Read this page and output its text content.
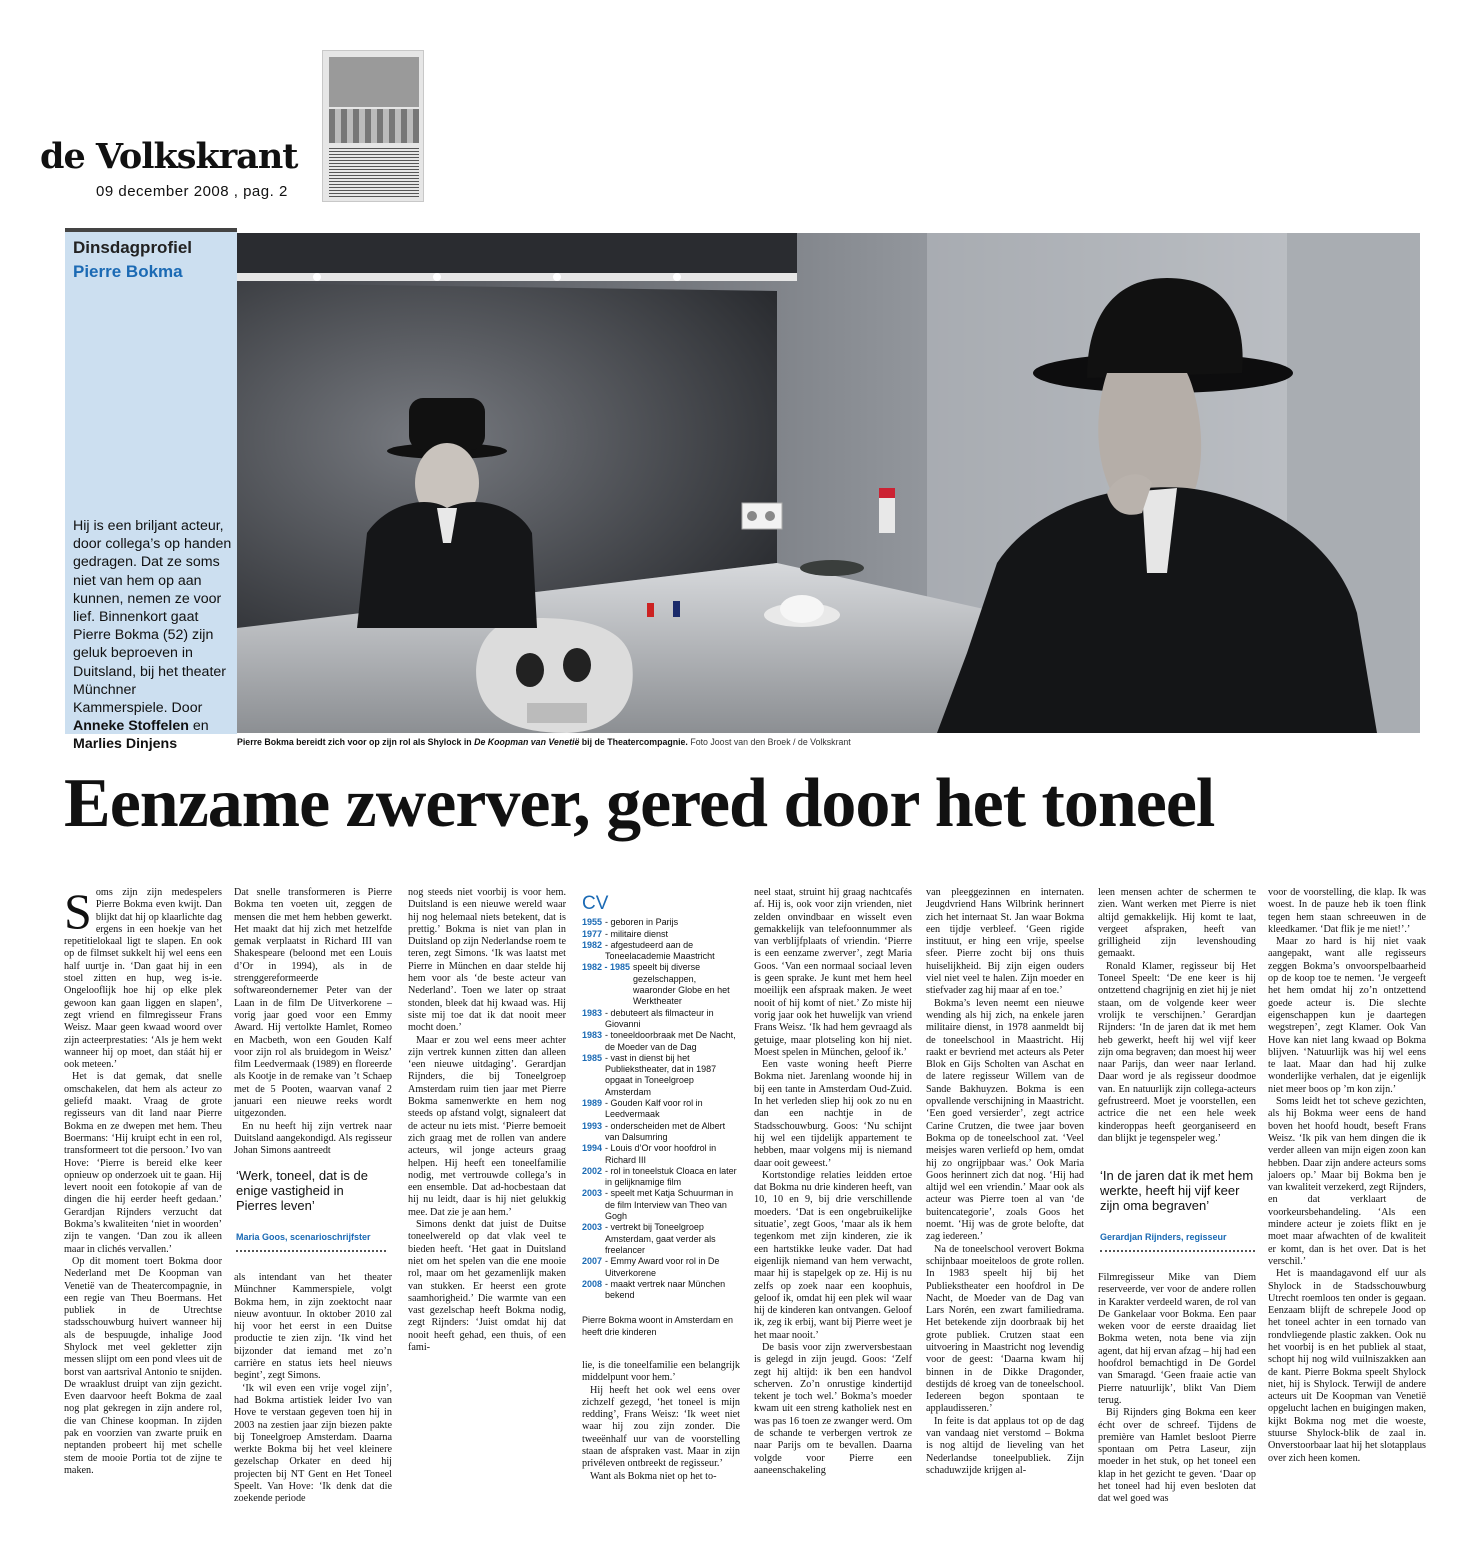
de Volkskrant
09 december 2008 , pag. 2
Dinsdagprofiel
Pierre Bokma
Hij is een briljant acteur, door collega’s op handen gedragen. Dat ze soms niet van hem op aan kunnen, nemen ze voor lief. Binnenkort gaat Pierre Bokma (52) zijn geluk beproeven in Duitsland, bij het theater Münchner Kammerspiele. Door Anneke Stoffelen en Marlies Dinjens	Pierre Bokma bereidt zich voor op zijn rol als Shylock in De Koopman van Venetië bij de Theatercompagnie. Foto Joost van den Broek / de Volkskrant
Eenzame zwerver, gered door het toneel

Soms zijn zijn medespelers Pierre Bokma even kwijt. Dan blijkt dat hij op klaarlichte dag ergens in een hoekje van het repetitielokaal ligt te slapen. En ook op de filmset sukkelt hij wel eens een half uurtje in. ‘Dan gaat hij in een stoel zitten en hup, weg is-ie. Ongelooflijk hoe hij op elke plek gewoon kan gaan liggen en slapen’, zegt vriend en filmregisseur Frans Weisz. Maar geen kwaad woord over zijn acteerprestaties: ‘Als je hem wekt wanneer hij op moet, dan stáát hij er ook meteen.’

Het is dat gemak, dat snelle omschakelen, dat hem als acteur zo geliefd maakt. Vraag de grote regisseurs van dit land naar Pierre Bokma en ze dwepen met hem. Theu Boermans: ‘Hij kruipt echt in een rol, transformeert tot die persoon.’ Ivo van Hove: ‘Pierre is bereid elke keer opnieuw op onderzoek uit te gaan. Hij levert nooit een fotokopie af van de dingen die hij eerder heeft gedaan.’ Gerardjan Rijnders verzucht dat Bokma’s kwaliteiten ‘niet in woorden’ zijn te vangen. ‘Dan zou ik alleen maar in clichés vervallen.’

Op dit moment toert Bokma door Nederland met De Koopman van Venetië van de Theatercompagnie, in een regie van Theu Boermans. Het publiek in de Utrechtse stadsschouwburg huivert wanneer hij als de bespuugde, inhalige Jood Shylock met veel gekletter zijn messen slijpt om een pond vlees uit de borst van aartsrival Antonio te snijden. De wraaklust druipt van zijn gezicht. Even daarvoor heeft Bokma de zaal nog plat gekregen in zijn andere rol, die van Chinese koopman. In zijden pak en voorzien van zwarte pruik en neptanden probeert hij met schelle stem de mooie Portia tot de zijne te maken.

Dat snelle transformeren is Pierre Bokma ten voeten uit, zeggen de mensen die met hem hebben gewerkt. Het maakt dat hij zich met hetzelfde gemak verplaatst in Richard III van Shakespeare (beloond met een Louis d’Or in 1994), als in de strenggereformeerde softwareondernemer Peter van der Laan in de film De Uitverkorene – vorig jaar goed voor een Emmy Award. Hij vertolkte Hamlet, Romeo en Macbeth, won een Gouden Kalf voor zijn rol als bruidegom in Weisz’ film Leedvermaak (1989) en floreerde als Kootje in de remake van ’t Schaep met de 5 Pooten, waarvan vanaf 2 januari een nieuwe reeks wordt uitgezonden.

En nu heeft hij zijn vertrek naar Duitsland aangekondigd. Als regisseur Johan Simons aantreedt

‘Werk, toneel, dat is de enige vastigheid in Pierres leven’
Maria Goos, scenarioschrijfster

als intendant van het theater Münchner Kammerspiele, volgt Bokma hem, in zijn zoektocht naar nieuw avontuur. In oktober 2010 zal hij voor het eerst in een Duitse productie te zien zijn. ‘Ik vind het bijzonder dat iemand met zo’n carrière en status iets heel nieuws begint’, zegt Simons.

‘Ik wil even een vrije vogel zijn’, had Bokma artistiek leider Ivo van Hove te verstaan gegeven toen hij in 2003 na zestien jaar zijn biezen pakte bij Toneelgroep Amsterdam. Daarna werkte Bokma bij het veel kleinere gezelschap Orkater en deed hij projecten bij NT Gent en Het Toneel Speelt. Van Hove: ‘Ik denk dat die zoekende periode

nog steeds niet voorbij is voor hem. Duitsland is een nieuwe wereld waar hij nog helemaal niets betekent, dat is prettig.’ Bokma is niet van plan in Duitsland op zijn Nederlandse roem te teren, zegt Simons. ‘Ik was laatst met Pierre in München en daar stelde hij hem voor als ‘de beste acteur van Nederland’. Toen we later op straat stonden, bleek dat hij kwaad was. Hij siste mij toe dat ik dat nooit meer mocht doen.’

Maar er zou wel eens meer achter zijn vertrek kunnen zitten dan alleen ‘een nieuwe uitdaging’. Gerardjan Rijnders, die bij Toneelgroep Amsterdam ruim tien jaar met Pierre Bokma samenwerkte en hem nog steeds op afstand volgt, signaleert dat de acteur nu iets mist. ‘Pierre bemoeit zich graag met de rollen van andere acteurs, wil jonge acteurs graag helpen. Hij heeft een toneelfamilie nodig, met vertrouwde collega’s in een ensemble. Dat ad-hocbestaan dat hij nu leidt, daar is hij niet gelukkig mee. Dat zie je aan hem.’

Simons denkt dat juist de Duitse toneelwereld op dat vlak veel te bieden heeft. ‘Het gaat in Duitsland niet om het spelen van die ene mooie rol, maar om het gezamenlijk maken van stukken. Er heerst een grote saamhorigheid.’ Die warmte van een vast gezelschap heeft Bokma nodig, zegt Rijnders: ‘Juist omdat hij dat nooit heeft gehad, een thuis, of een fami-

CV
1955 - geboren in Parijs
1977 - militaire dienst
1982 - afgestudeerd aan de Toneelacademie Maastricht
1982 - 1985 speelt bij diverse gezelschappen, waaronder Globe en het Werktheater
1983 - debuteert als filmacteur in Giovanni
1983 - toneeldoorbraak met De Nacht, de Moeder van de Dag
1985 - vast in dienst bij het Publiekstheater, dat in 1987 opgaat in Toneelgroep Amsterdam
1989 - Gouden Kalf voor rol in Leedvermaak
1993 - onderscheiden met de Albert van Dalsumring
1994 - Louis d’Or voor hoofdrol in Richard III
2002 - rol in toneelstuk Cloaca en later in gelijknamige film
2003 - speelt met Katja Schuurman in de film Interview van Theo van Gogh
2003 - vertrekt bij Toneelgroep Amsterdam, gaat verder als freelancer
2007 - Emmy Award voor rol in De Uitverkorene
2008 - maakt vertrek naar München bekend
Pierre Bokma woont in Amsterdam en heeft drie kinderen

lie, is die toneelfamilie een belangrijk middelpunt voor hem.’

Hij heeft het ook wel eens over zichzelf gezegd, ‘het toneel is mijn redding’, Frans Weisz: ‘Ik weet niet waar hij zou zijn zonder. Die tweeënhalf uur van de voorstelling staan de afspraken vast. Maar in zijn privéleven ontbreekt de regisseur.’

Want als Bokma niet op het to-

neel staat, struint hij graag nachtcafés af. Hij is, ook voor zijn vrienden, niet zelden onvindbaar en wisselt even gemakkelijk van telefoonnummer als van verblijfplaats of vriendin. ‘Pierre is een eenzame zwerver’, zegt Maria Goos. ‘Van een normaal sociaal leven is geen sprake. Je kunt met hem heel moeilijk een afspraak maken. Je weet nooit of hij komt of niet.’ Zo miste hij vorig jaar ook het huwelijk van vriend Frans Weisz. ‘Ik had hem gevraagd als getuige, maar plotseling kon hij niet. Moest spelen in München, geloof ik.’

Een vaste woning heeft Pierre Bokma niet. Jarenlang woonde hij in bij een tante in Amsterdam Oud-Zuid. In het verleden sliep hij ook zo nu en dan een nachtje in de Stadsschouwburg. Goos: ‘Nu schijnt hij wel een tijdelijk appartement te hebben, maar volgens mij is niemand daar ooit geweest.’

Kortstondige relaties leidden ertoe dat Bokma nu drie kinderen heeft, van 10, 10 en 9, bij drie verschillende moeders. ‘Dat is een ongebruikelijke situatie’, zegt Goos, ‘maar als ik hem tegenkom met zijn kinderen, zie ik een hartstikke leuke vader. Dat had eigenlijk niemand van hem verwacht, maar hij is stapelgek op ze. Hij is nu zelfs op zoek naar een koophuis, geloof ik, omdat hij een plek wil waar hij de kinderen kan ontvangen. Geloof ik, zeg ik erbij, want bij Pierre weet je het maar nooit.’

De basis voor zijn zwerversbestaan is gelegd in zijn jeugd. Goos: ‘Zelf zegt hij altijd: ik ben een handvol scherven. Zo’n onrustige kindertijd tekent je toch wel.’ Bokma’s moeder kwam uit een streng katholiek nest en was pas 16 toen ze zwanger werd. Om de schande te verbergen vertrok ze naar Parijs om te bevallen. Daarna volgde voor Pierre een aaneenschakeling

van pleeggezinnen en internaten. Jeugdvriend Hans Wilbrink herinnert zich het internaat St. Jan waar Bokma een tijdje verbleef. ‘Geen rigide instituut, er hing een vrije, speelse sfeer. Pierre zocht bij ons thuis huiselijkheid. Bij zijn eigen ouders viel niet veel te halen. Zijn moeder en stiefvader zag hij maar af en toe.’

Bokma’s leven neemt een nieuwe wending als hij zich, na enkele jaren militaire dienst, in 1978 aanmeldt bij de toneelschool in Maastricht. Hij raakt er bevriend met acteurs als Peter Blok en Gijs Scholten van Aschat en de latere regisseur Willem van de Sande Bakhuyzen. Bokma is een opvallende verschijning in Maastricht. ‘Een goed versierder’, zegt actrice Carine Crutzen, die twee jaar boven Bokma op de toneelschool zat. ‘Veel meisjes waren verliefd op hem, omdat hij zo ongrijpbaar was.’ Ook Maria Goos herinnert zich dat nog. ‘Hij had altijd wel een vriendin.’ Maar ook als acteur was Pierre toen al van ‘de buitencategorie’, zoals Goos het noemt. ‘Hij was de grote belofte, dat zag iedereen.’

Na de toneelschool verovert Bokma schijnbaar moeiteloos de grote rollen. In 1983 speelt hij bij het Publiekstheater een hoofdrol in De Nacht, de Moeder van de Dag van Lars Norén, een zwart familiedrama. Het betekende zijn doorbraak bij het grote publiek. Crutzen staat een uitvoering in Maastricht nog levendig voor de geest: ‘Daarna kwam hij binnen in de Dikke Dragonder, destijds dé kroeg van de toneelschool. Iedereen begon spontaan te applaudisseren.’

In feite is dat applaus tot op de dag van vandaag niet verstomd – Bokma is nog altijd de lieveling van het Nederlandse toneelpubliek. Zijn schaduwzijde krijgen al-

leen mensen achter de schermen te zien. Want werken met Pierre is niet altijd gemakkelijk. Hij komt te laat, vergeet afspraken, heeft van grilligheid zijn levenshouding gemaakt.

Ronald Klamer, regisseur bij Het Toneel Speelt: ‘De ene keer is hij ontzettend chagrijnig en ziet hij je niet staan, om de volgende keer weer vrolijk te verschijnen.’ Gerardjan Rijnders: ‘In de jaren dat ik met hem heb gewerkt, heeft hij wel vijf keer zijn oma begraven; dan moest hij weer naar Parijs, dan weer naar Ierland. Daar word je als regisseur doodmoe van. En natuurlijk zijn collega-acteurs gefrustreerd. Moet je voorstellen, een actrice die net een hele week kinderoppas heeft georganiseerd en dan blijkt je tegenspeler weg.’

‘In de jaren dat ik met hem werkte, heeft hij vijf keer zijn oma begraven’
Gerardjan Rijnders, regisseur

Filmregisseur Mike van Diem reserveerde, ver voor de andere rollen in Karakter verdeeld waren, de rol van De Gankelaar voor Bokma. Een paar weken voor de eerste draaidag liet Bokma weten, nota bene via zijn agent, dat hij ervan afzag – hij had een hoofdrol bemachtigd in De Gordel van Smaragd. ‘Geen fraaie actie van Pierre natuurlijk’, blikt Van Diem terug.

Bij Rijnders ging Bokma een keer écht over de schreef. Tijdens de première van Hamlet besloot Pierre spontaan om Petra Laseur, zijn moeder in het stuk, op het toneel een klap in het gezicht te geven. ‘Daar op het toneel had hij even besloten dat dat wel goed was

voor de voorstelling, die klap. Ik was woest. In de pauze heb ik toen flink tegen hem staan schreeuwen in de kleedkamer. ‘Dat flik je me niet!’.’

Maar zo hard is hij niet vaak aangepakt, want alle regisseurs zeggen Bokma’s onvoorspelbaarheid op de koop toe te nemen. ‘Je vergeeft het hem omdat hij zo’n ontzettend goede acteur is. Die slechte eigenschappen kun je daartegen wegstrepen’, zegt Klamer. Ook Van Hove kan niet lang kwaad op Bokma blijven. ‘Natuurlijk was hij wel eens te laat. Maar dan had hij zulke wonderlijke verhalen, dat je eigenlijk niet meer boos op ’m kon zijn.’

Soms leidt het tot scheve gezichten, als hij Bokma weer eens de hand boven het hoofd houdt, beseft Frans Weisz. ‘Ik pik van hem dingen die ik verder alleen van mijn eigen zoon kan hebben. Daar zijn andere acteurs soms jaloers op.’ Maar bij Bokma ben je van kwaliteit verzekerd, zegt Rijnders, en dat verklaart de voorkeursbehandeling. ‘Als een mindere acteur je zoiets flikt en je moet maar afwachten of de kwaliteit er komt, dan is het over. Dat is het verschil.’

Het is maandagavond elf uur als Shylock in de Stadsschouwburg Utrecht roemloos ten onder is gegaan. Eenzaam blijft de schrepele Jood op het toneel achter in een tornado van rondvliegende plastic zakken. Ook nu het voorbij is en het publiek al staat, schopt hij nog wild vuilniszakken aan de kant. Pierre Bokma speelt Shylock niet, hij is Shylock. Terwijl de andere acteurs uit De Koopman van Venetië opgelucht lachen en buigingen maken, kijkt Bokma nog met die woeste, stuurse Shylock-blik de zaal in. Onverstoorbaar laat hij het slotapplaus over zich heen komen.
